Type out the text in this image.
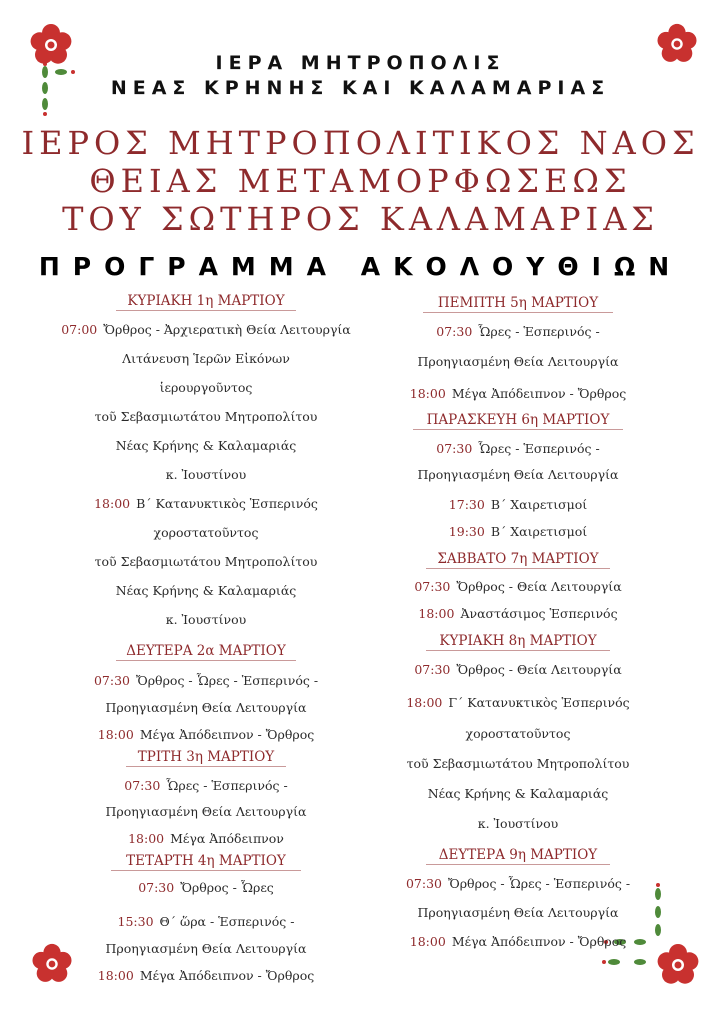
ΙΕΡΑ ΜΗΤΡΟΠΟΛΙΣ
ΝΕΑΣ ΚΡΗΝΗΣ ΚΑΙ ΚΑΛΑΜΑΡΙΑΣ
ΙΕΡΟΣ ΜΗΤΡΟΠΟΛΙΤΙΚΟΣ ΝΑΟΣ
ΘΕΙΑΣ ΜΕΤΑΜΟΡΦΩΣΕΩΣ
ΤΟΥ ΣΩΤΗΡΟΣ ΚΑΛΑΜΑΡΙΑΣ
ΠΡΟΓΡΑΜΜΑ ΑΚΟΛΟΥΘΙΩΝ
ΚΥΡΙΑΚΗ 1η ΜΑΡΤΙΟΥ
07:00 Ὄρθρος - Ἀρχιερατικὴ Θεία Λειτουργία
Λιτάνευση Ἱερῶν Εἰκόνων
ἱερουργοῦντος
τοῦ Σεβασμιωτάτου Μητροπολίτου
Νέας Κρήνης & Καλαμαριάς
κ. Ἰουστίνου
18:00 Β΄ Κατανυκτικὸς Ἑσπερινός
χοροστατοῦντος
τοῦ Σεβασμιωτάτου Μητροπολίτου
Νέας Κρήνης & Καλαμαριάς
κ. Ἰουστίνου
ΔΕΥΤΕΡΑ 2α ΜΑΡΤΙΟΥ
07:30 Ὄρθρος - Ὧρες - Ἑσπερινός -
Προηγιασμένη Θεία Λειτουργία
18:00 Μέγα Ἀπόδειπνον - Ὄρθρος
ΤΡΙΤΗ 3η ΜΑΡΤΙΟΥ
07:30 Ὧρες - Ἑσπερινός -
Προηγιασμένη Θεία Λειτουργία
18:00 Μέγα Ἀπόδειπνον
ΤΕΤΑΡΤΗ 4η ΜΑΡΤΙΟΥ
07:30 Ὄρθρος - Ὧρες
15:30 Θ΄ ὥρα - Ἑσπερινός -
Προηγιασμένη Θεία Λειτουργία
18:00 Μέγα Ἀπόδειπνον - Ὄρθρος
ΠΕΜΠΤΗ 5η ΜΑΡΤΙΟΥ
07:30 Ὧρες - Ἑσπερινός -
Προηγιασμένη Θεία Λειτουργία
18:00 Μέγα Ἀπόδειπνον - Ὄρθρος
ΠΑΡΑΣΚΕΥΗ 6η ΜΑΡΤΙΟΥ
07:30 Ὧρες - Ἑσπερινός -
Προηγιασμένη Θεία Λειτουργία
17:30 Β΄ Χαιρετισμοί
19:30 Β΄ Χαιρετισμοί
ΣΑΒΒΑΤΟ 7η ΜΑΡΤΙΟΥ
07:30 Ὄρθρος - Θεία Λειτουργία
18:00 Ἀναστάσιμος Ἑσπερινός
ΚΥΡΙΑΚΗ 8η ΜΑΡΤΙΟΥ
07:30 Ὄρθρος - Θεία Λειτουργία
18:00 Γ΄ Κατανυκτικὸς Ἑσπερινός
χοροστατοῦντος
τοῦ Σεβασμιωτάτου Μητροπολίτου
Νέας Κρήνης & Καλαμαριάς
κ. Ἰουστίνου
ΔΕΥΤΕΡΑ 9η ΜΑΡΤΙΟΥ
07:30 Ὄρθρος - Ὧρες - Ἑσπερινός -
Προηγιασμένη Θεία Λειτουργία
18:00 Μέγα Ἀπόδειπνον - Ὄρθρος
